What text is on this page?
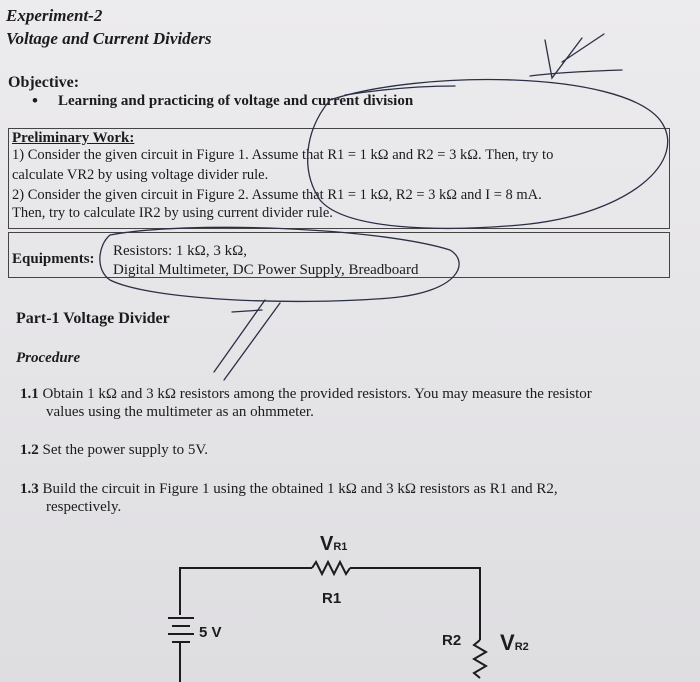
Experiment-2
Voltage and Current Dividers
Objective:
• Learning and practicing of voltage and current division
Preliminary Work:
1) Consider the given circuit in Figure 1. Assume that R1 = 1 kΩ and R2 = 3 kΩ. Then, try to
calculate VR2 by using voltage divider rule.
2) Consider the given circuit in Figure 2. Assume that R1 = 1 kΩ, R2 = 3 kΩ and I = 8 mA.
Then, try to calculate IR2 by using current divider rule.
Equipments: Resistors: 1 kΩ, 3 kΩ,
Digital Multimeter, DC Power Supply, Breadboard
Part-1 Voltage Divider
Procedure
1.1 Obtain 1 kΩ and 3 kΩ resistors among the provided resistors. You may measure the resistor
values using the multimeter as an ohmmeter.
1.2 Set the power supply to 5V.
1.3 Build the circuit in Figure 1 using the obtained 1 kΩ and 3 kΩ resistors as R1 and R2,
respectively.
VR1
R1
5 V	R2 VR2
